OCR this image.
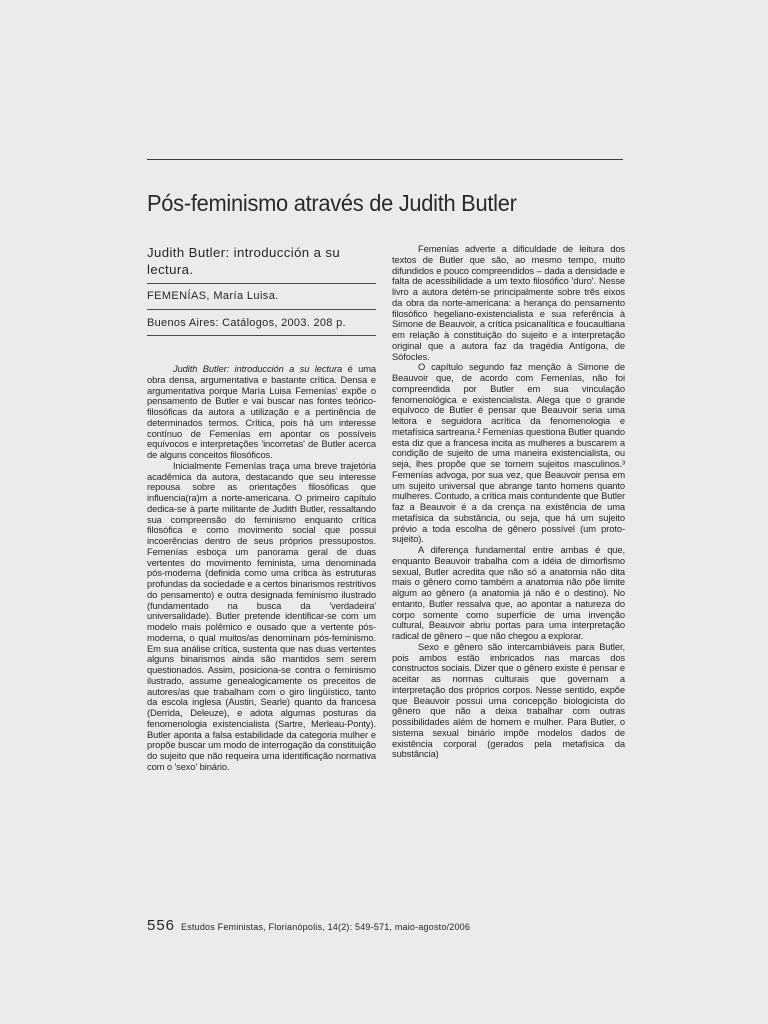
Pós-feminismo através de Judith Butler
Judith Butler: introducción a su lectura.
FEMENÍAS, María Luisa.
Buenos Aires: Catálogos, 2003. 208 p.

Judith Butler: introducción a su lectura é uma obra densa, argumentativa e bastante crítica. Densa e argumentativa porque María Luisa Femenías' expõe o pensamento de Butler e vai buscar nas fontes teórico-filosóficas da autora a utilização e a pertinência de determinados termos. Crítica, pois há um interesse contínuo de Femenías em apontar os possíveis equívocos e interpretações 'incorretas' de Butler acerca de alguns conceitos filosóficos.

Inicialmente Femenías traça uma breve trajetória acadêmica da autora, destacando que seu interesse repousa sobre as orientações filosóficas que influencia(ra)m a norte-americana. O primeiro capítulo dedica-se à parte militante de Judith Butler, ressaltando sua compreensão do feminismo enquanto crítica filosófica e como movimento social que possui incoerências dentro de seus próprios pressupostos. Femenías esboça um panorama geral de duas vertentes do movimento feminista, uma denominada pós-moderna (definida como uma crítica às estruturas profundas da sociedade e a certos binarismos restritivos do pensamento) e outra designada feminismo ilustrado (fundamentado na busca da 'verdadeira' universalidade). Butler pretende identificar-se com um modelo mais polêmico e ousado que a vertente pós-moderna, o qual muitos/as denominam pós-feminismo. Em sua análise crítica, sustenta que nas duas vertentes alguns binarismos ainda são mantidos sem serem questionados. Assim, posiciona-se contra o feminismo ilustrado, assume genealogicamente os preceitos de autores/as que trabalham com o giro lingüístico, tanto da escola inglesa (Austin, Searle) quanto da francesa (Derrida, Deleuze), e adota algumas posturas da fenomenologia existencialista (Sartre, Merleau-Ponty). Butler aponta a falsa estabilidade da categoria mulher e propõe buscar um modo de interrogação da constituição do sujeito que não requeira uma identificação normativa com o 'sexo' binário.

Femenías adverte a dificuldade de leitura dos textos de Butler que são, ao mesmo tempo, muito difundidos e pouco compreendidos – dada a densidade e falta de acessibilidade a um texto filosófico 'duro'. Nesse livro a autora detém-se principalmente sobre três eixos da obra da norte-americana: a herança do pensamento filosófico hegeliano-existencialista e sua referência à Simone de Beauvoir, a crítica psicanalítica e foucaultiana em relação à constituição do sujeito e a interpretação original que a autora faz da tragédia Antígona, de Sófocles.

O capítulo segundo faz menção à Simone de Beauvoir que, de acordo com Femenías, não foi compreendida por Butler em sua vinculação fenomenológica e existencialista. Alega que o grande equívoco de Butler é pensar que Beauvoir seria uma leitora e seguidora acrítica da fenomenologia e metafísica sartreana.² Femenías questiona Butler quando esta diz que a francesa incita as mulheres a buscarem a condição de sujeito de uma maneira existencialista, ou seja, lhes propõe que se tornem sujeitos masculinos.³ Femenías advoga, por sua vez, que Beauvoir pensa em um sujeito universal que abrange tanto homens quanto mulheres. Contudo, a crítica mais contundente que Butler faz a Beauvoir é a da crença na existência de uma metafísica da substância, ou seja, que há um sujeito prévio a toda escolha de gênero possível (um proto-sujeito).

A diferença fundamental entre ambas é que, enquanto Beauvoir trabalha com a idéia de dimorfismo sexual, Butler acredita que não só a anatomia não dita mais o gênero como também a anatomia não põe limite algum ao gênero (a anatomia já não é o destino). No entanto, Butler ressalva que, ao apontar a natureza do corpo somente como superfície de uma invenção cultural, Beauvoir abriu portas para uma interpretação radical de gênero – que não chegou a explorar.

Sexo e gênero são intercambiáveis para Butler, pois ambos estão imbricados nas marcas dos constructos sociais. Dizer que o gênero existe é pensar e aceitar as normas culturais que governam a interpretação dos próprios corpos. Nesse sentido, expõe que Beauvoir possui uma concepção biologicista do gênero que não a deixa trabalhar com outras possibilidades além de homem e mulher. Para Butler, o sistema sexual binário impõe modelos dados de existência corporal (gerados pela metafísica da substância)

556 Estudos Feministas, Florianópolis, 14(2): 549-571, maio-agosto/2006
